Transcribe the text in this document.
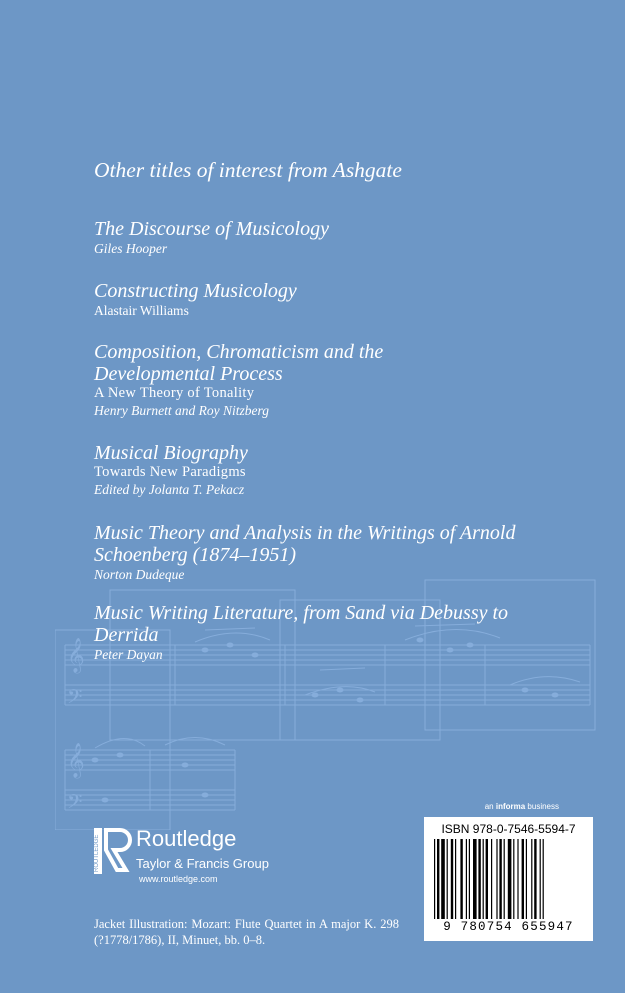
𝄞
𝄢
𝄞
𝄢
Other titles of interest from Ashgate
The Discourse of Musicology
Giles Hooper
Constructing Musicology
Alastair Williams
Composition, Chromaticism and the Developmental Process
A New Theory of Tonality
Henry Burnett and Roy Nitzberg
Musical Biography
Towards New Paradigms
Edited by Jolanta T. Pekacz
Music Theory and Analysis in the Writings of Arnold Schoenberg (1874–1951)
Norton Dudeque
Music Writing Literature, from Sand via Debussy to Derrida
Peter Dayan
an informa business
ISBN 978-0-7546-5594-7
9 780754 655947
ROUTLEDGE Routledge
Taylor & Francis Group
www.routledge.com
Jacket Illustration: Mozart: Flute Quartet in A major K. 298 (?1778/1786), II, Minuet, bb. 0–8.
